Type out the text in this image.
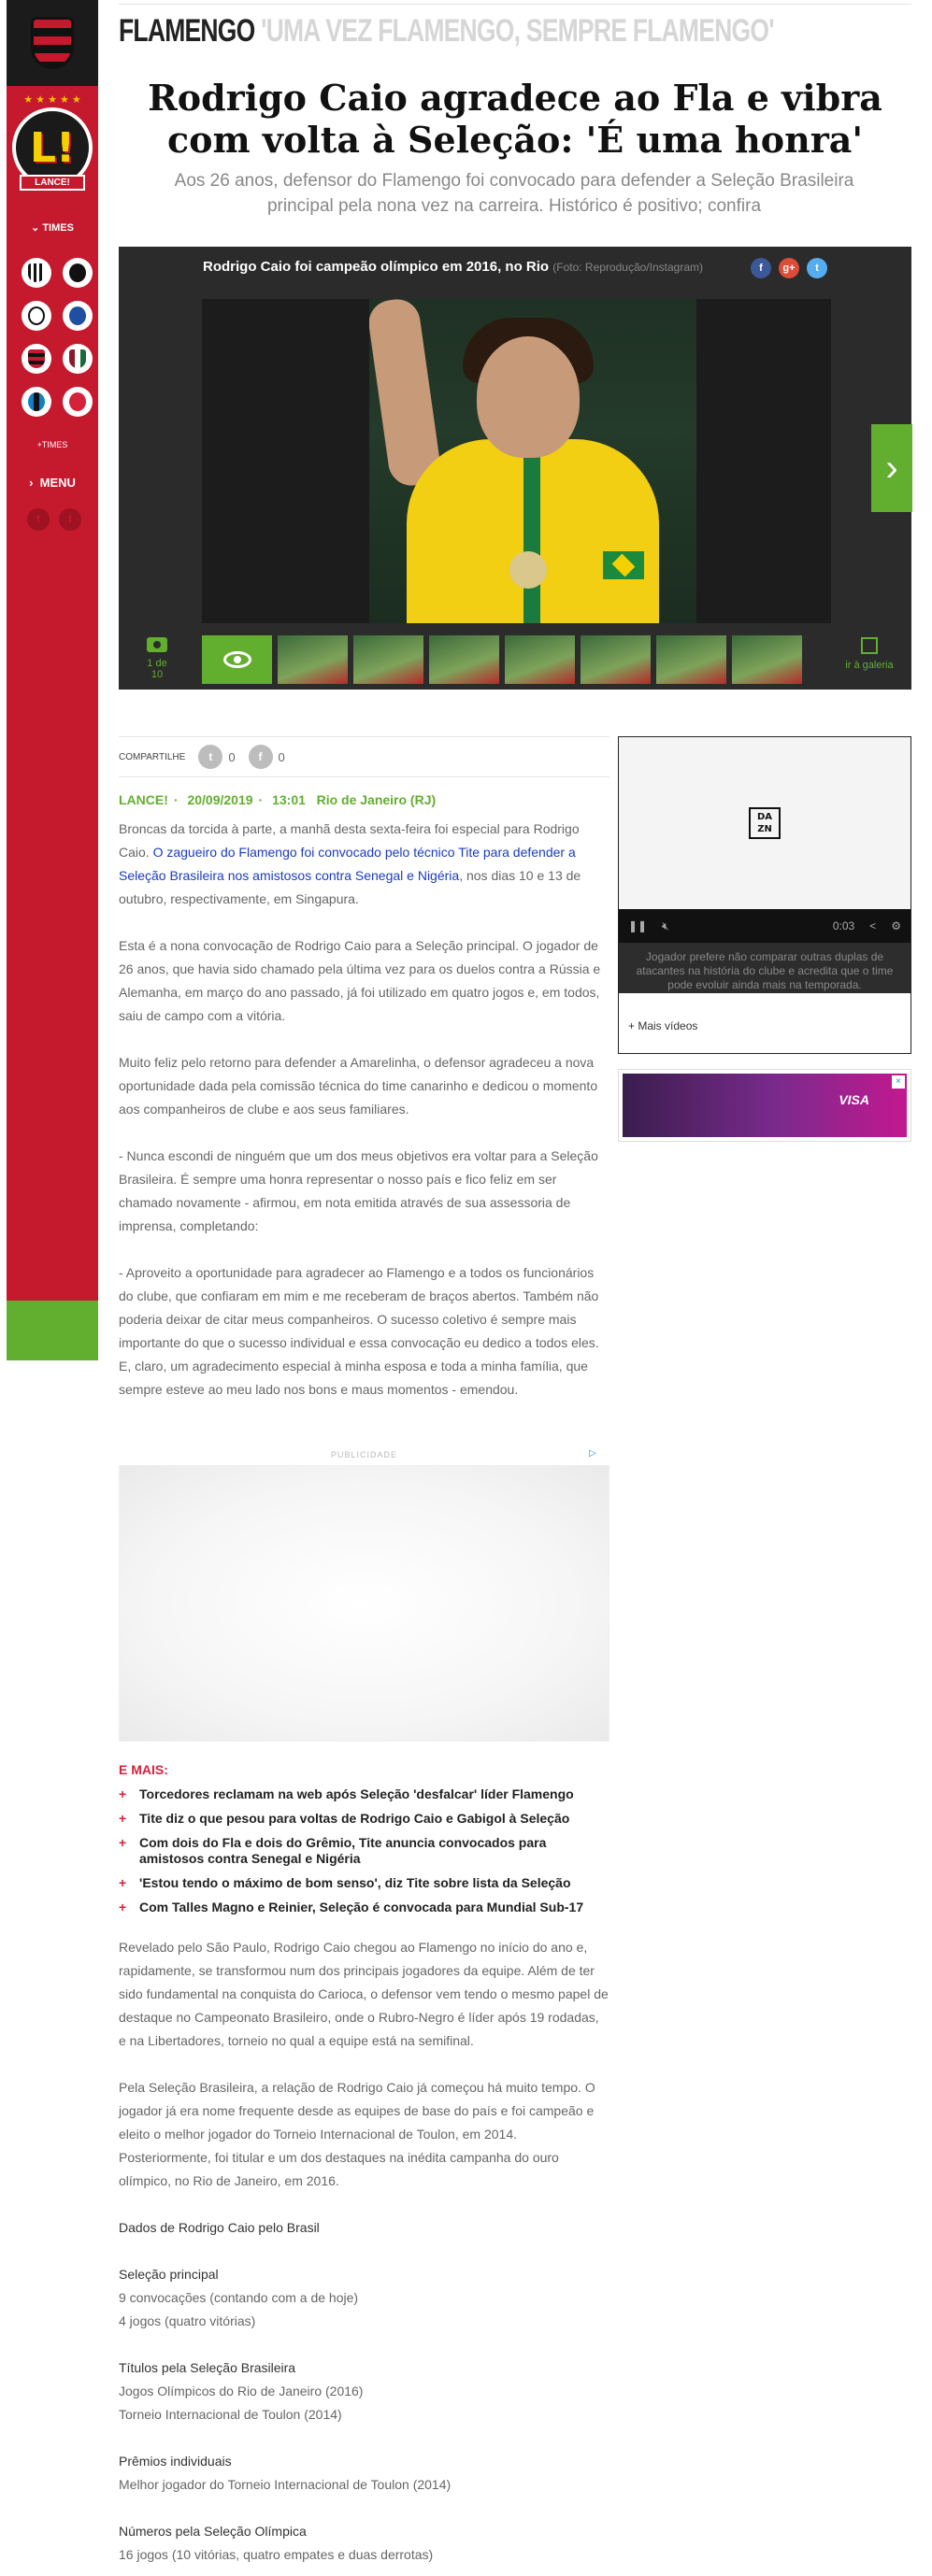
★ ★ ★ ★ ★
L!
LANCE!
⌄ TIMES
+TIMES
›  MENU
t	f
FLAMENGO 'UMA VEZ FLAMENGO, SEMPRE FLAMENGO'
Rodrigo Caio agradece ao Fla e vibra com volta à Seleção: 'É uma honra'
Aos 26 anos, defensor do Flamengo foi convocado para defender a Seleção Brasileira principal pela nona vez na carreira. Histórico é positivo; confira
Rodrigo Caio foi campeão olímpico em 2016, no Rio (Foto: Reprodução/Instagram)	f	g+	t
›
1 de 10
ir à galeria
COMPARTILHE	t	0	f	0
LANCE! · 20/09/2019 · 13:01 Rio de Janeiro (RJ)

Broncas da torcida à parte, a manhã desta sexta-feira foi especial para Rodrigo Caio. O zagueiro do Flamengo foi convocado pelo técnico Tite para defender a Seleção Brasileira nos amistosos contra Senegal e Nigéria, nos dias 10 e 13 de outubro, respectivamente, em Singapura.

Esta é a nona convocação de Rodrigo Caio para a Seleção principal. O jogador de 26 anos, que havia sido chamado pela última vez para os duelos contra a Rússia e Alemanha, em março do ano passado, já foi utilizado em quatro jogos e, em todos, saiu de campo com a vitória.

Muito feliz pelo retorno para defender a Amarelinha, o defensor agradeceu a nova oportunidade dada pela comissão técnica do time canarinho e dedicou o momento aos companheiros de clube e aos seus familiares.

- Nunca escondi de ninguém que um dos meus objetivos era voltar para a Seleção Brasileira. É sempre uma honra representar o nosso país e fico feliz em ser chamado novamente - afirmou, em nota emitida através de sua assessoria de imprensa, completando:

- Aproveito a oportunidade para agradecer ao Flamengo e a todos os funcionários do clube, que confiaram em mim e me receberam de braços abertos. Também não poderia deixar de citar meus companheiros. O sucesso coletivo é sempre mais importante do que o sucesso individual e essa convocação eu dedico a todos eles. E, claro, um agradecimento especial à minha esposa e toda a minha família, que sempre esteve ao meu lado nos bons e maus momentos - emendou.

DA ZN
❚❚ 🔇︎	0:03 < ⚙
Jogador prefere não comparar outras duplas de atacantes na história do clube e acredita que o time pode evoluir ainda mais na temporada.
+ Mais vídeos
VISA
×
PUBLICIDADE	▷
E MAIS:
+ Torcedores reclamam na web após Seleção 'desfalcar' líder Flamengo
+ Tite diz o que pesou para voltas de Rodrigo Caio e Gabigol à Seleção
+ Com dois do Fla e dois do Grêmio, Tite anuncia convocados para amistosos contra Senegal e Nigéria
+ 'Estou tendo o máximo de bom senso', diz Tite sobre lista da Seleção
+ Com Talles Magno e Reinier, Seleção é convocada para Mundial Sub-17

Revelado pelo São Paulo, Rodrigo Caio chegou ao Flamengo no início do ano e, rapidamente, se transformou num dos principais jogadores da equipe. Além de ter sido fundamental na conquista do Carioca, o defensor vem tendo o mesmo papel de destaque no Campeonato Brasileiro, onde o Rubro-Negro é líder após 19 rodadas, e na Libertadores, torneio no qual a equipe está na semifinal.

Pela Seleção Brasileira, a relação de Rodrigo Caio já começou há muito tempo. O jogador já era nome frequente desde as equipes de base do país e foi campeão e eleito o melhor jogador do Torneio Internacional de Toulon, em 2014. Posteriormente, foi titular e um dos destaques na inédita campanha do ouro olímpico, no Rio de Janeiro, em 2016.

Dados de Rodrigo Caio pelo Brasil

Seleção principal
9 convocações (contando com a de hoje)
4 jogos (quatro vitórias)

Títulos pela Seleção Brasileira
Jogos Olímpicos do Rio de Janeiro (2016)
Torneio Internacional de Toulon (2014)

Prêmios individuais
Melhor jogador do Torneio Internacional de Toulon (2014)

Números pela Seleção Olímpica
16 jogos (10 vitórias, quatro empates e duas derrotas)
